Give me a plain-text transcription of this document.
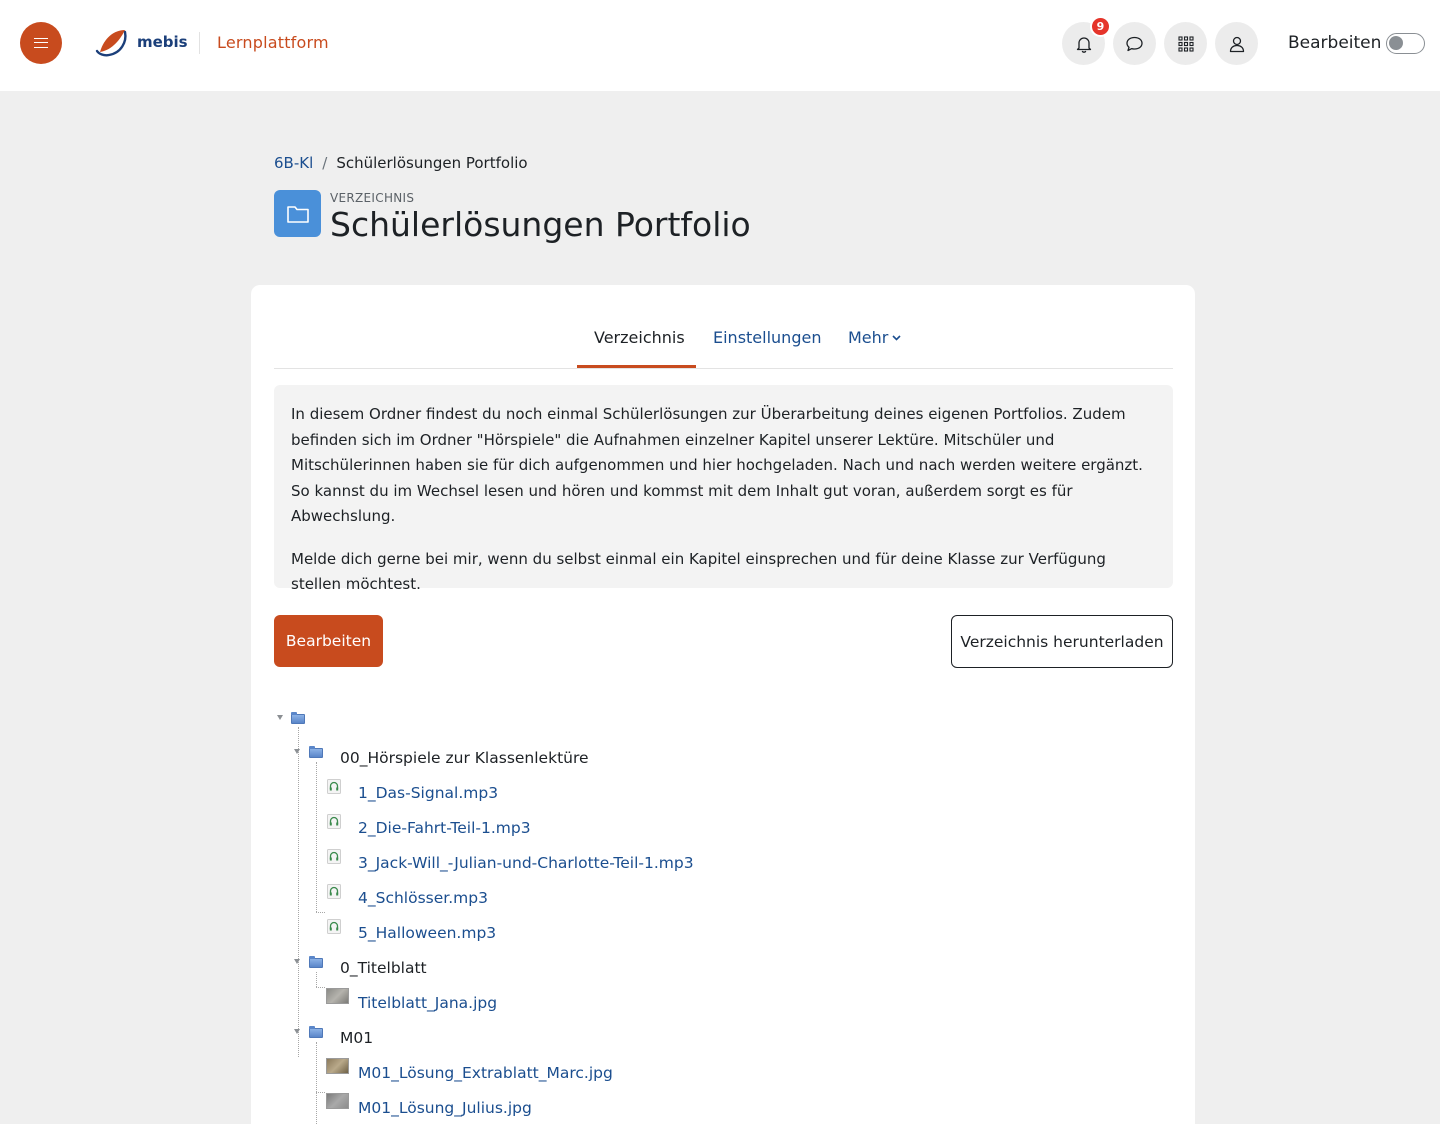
mebis Lernplattform
9
Bearbeiten
6B-Kl / Schülerlösungen Portfolio
VERZEICHNIS
Schülerlösungen Portfolio
Verzeichnis Einstellungen Mehr

In diesem Ordner findest du noch einmal Schülerlösungen zur Überarbeitung deines eigenen Portfolios. Zudem befinden sich im Ordner "Hörspiele" die Aufnahmen einzelner Kapitel unserer Lektüre. Mitschüler und Mitschülerinnen haben sie für dich aufgenommen und hier hochgeladen. Nach und nach werden weitere ergänzt. So kannst du im Wechsel lesen und hören und kommst mit dem Inhalt gut voran, außerdem sorgt es für Abwechslung.

Melde dich gerne bei mir, wenn du selbst einmal ein Kapitel einsprechen und für deine Klasse zur Verfügung stellen möchtest.

Bearbeiten	Verzeichnis herunterladen
00_Hörspiele zur Klassenlektüre
1_Das-Signal.mp3
2_Die-Fahrt-Teil-1.mp3
3_Jack-Will_-Julian-und-Charlotte-Teil-1.mp3
4_Schlösser.mp3
5_Halloween.mp3
0_Titelblatt
Titelblatt_Jana.jpg
M01
M01_Lösung_Extrablatt_Marc.jpg
M01_Lösung_Julius.jpg
